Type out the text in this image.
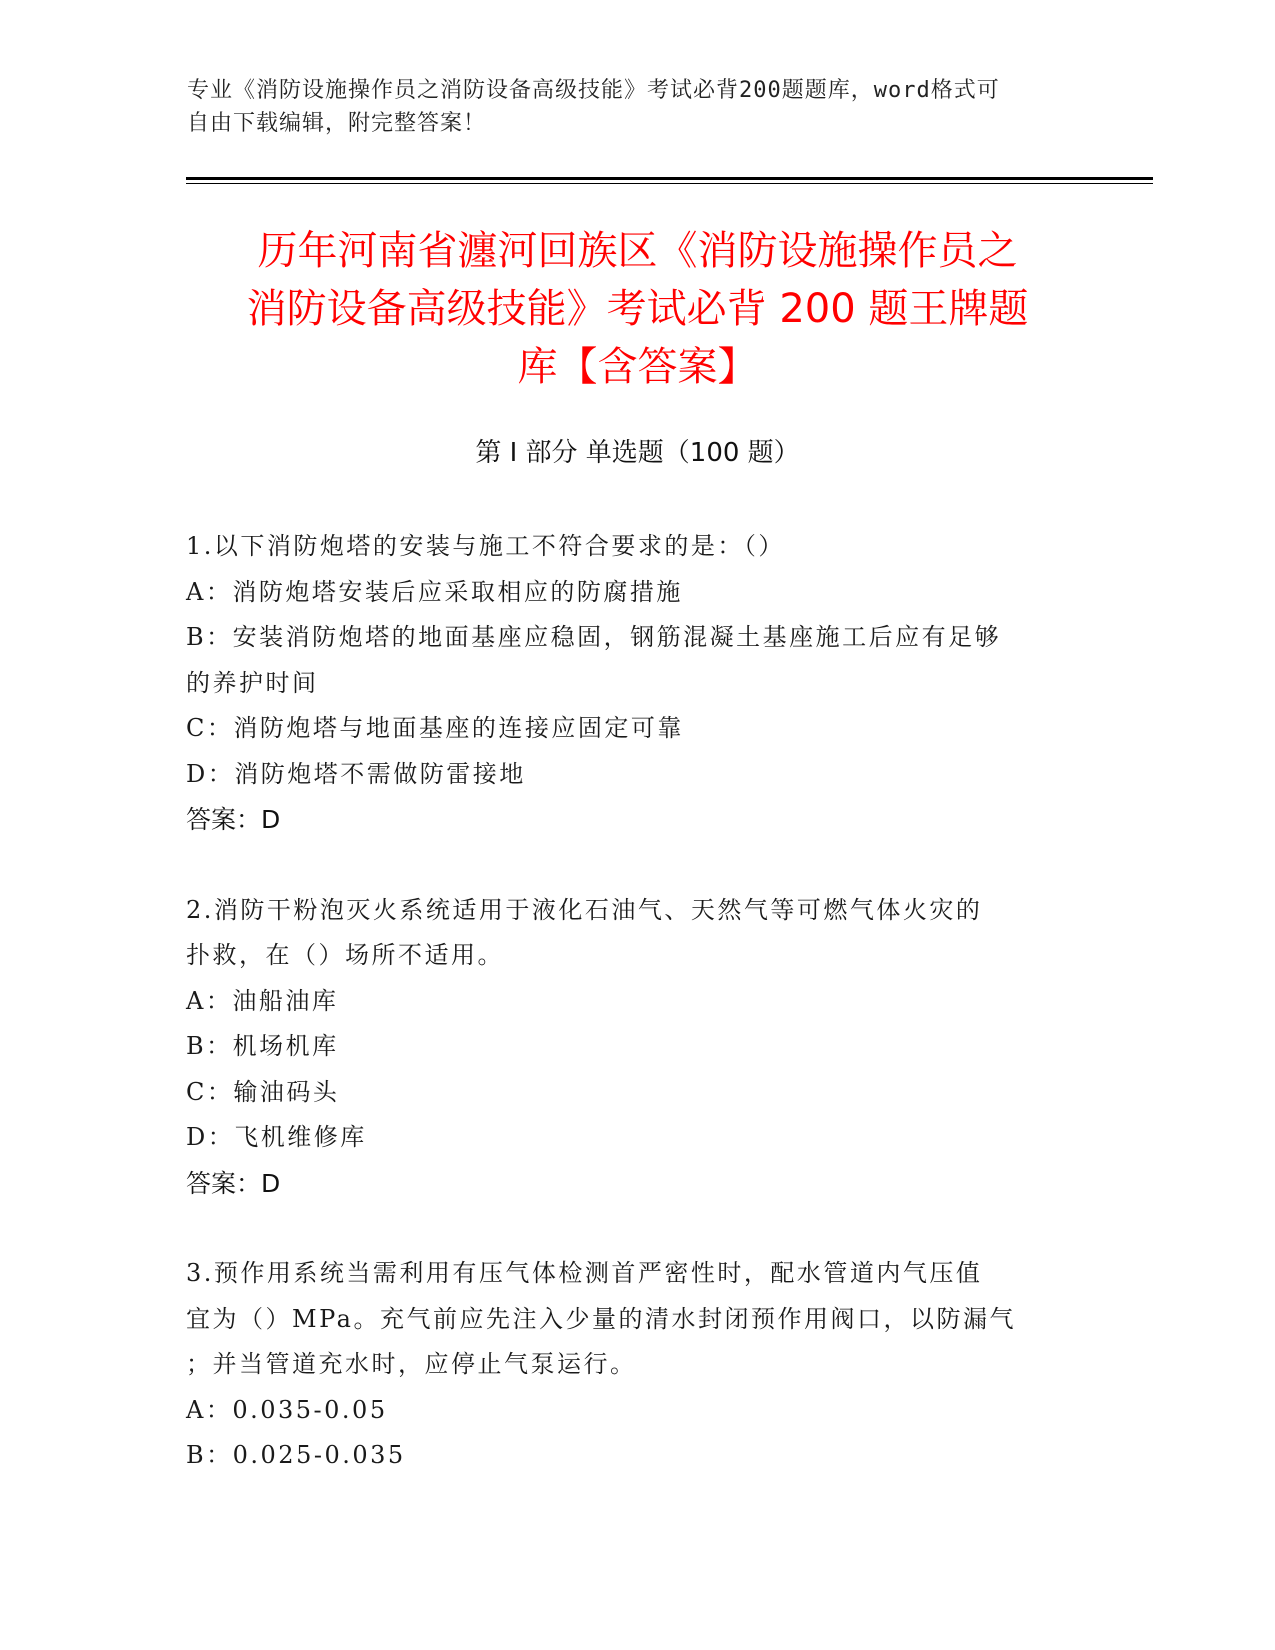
专业《消防设施操作员之消防设备高级技能》考试必背200题题库，word格式可
自由下载编辑，附完整答案！
历年河南省瀍河回族区《消防设施操作员之
消防设备高级技能》考试必背 200 题王牌题
库【含答案】
第 I 部分 单选题（100 题）
1.以下消防炮塔的安装与施工不符合要求的是：（）
A：消防炮塔安装后应采取相应的防腐措施
B：安装消防炮塔的地面基座应稳固，钢筋混凝土基座施工后应有足够
的养护时间
C：消防炮塔与地面基座的连接应固定可靠
D：消防炮塔不需做防雷接地
答案：D
2.消防干粉泡灭火系统适用于液化石油气、天然气等可燃气体火灾的
扑救，在（）场所不适用。
A：油船油库
B：机场机库
C：输油码头
D：飞机维修库
答案：D
3.预作用系统当需利用有压气体检测首严密性时，配水管道内气压值
宜为（）MPa。充气前应先注入少量的清水封闭预作用阀口，以防漏气
；并当管道充水时，应停止气泵运行。
A：0.035-0.05
B：0.025-0.035
